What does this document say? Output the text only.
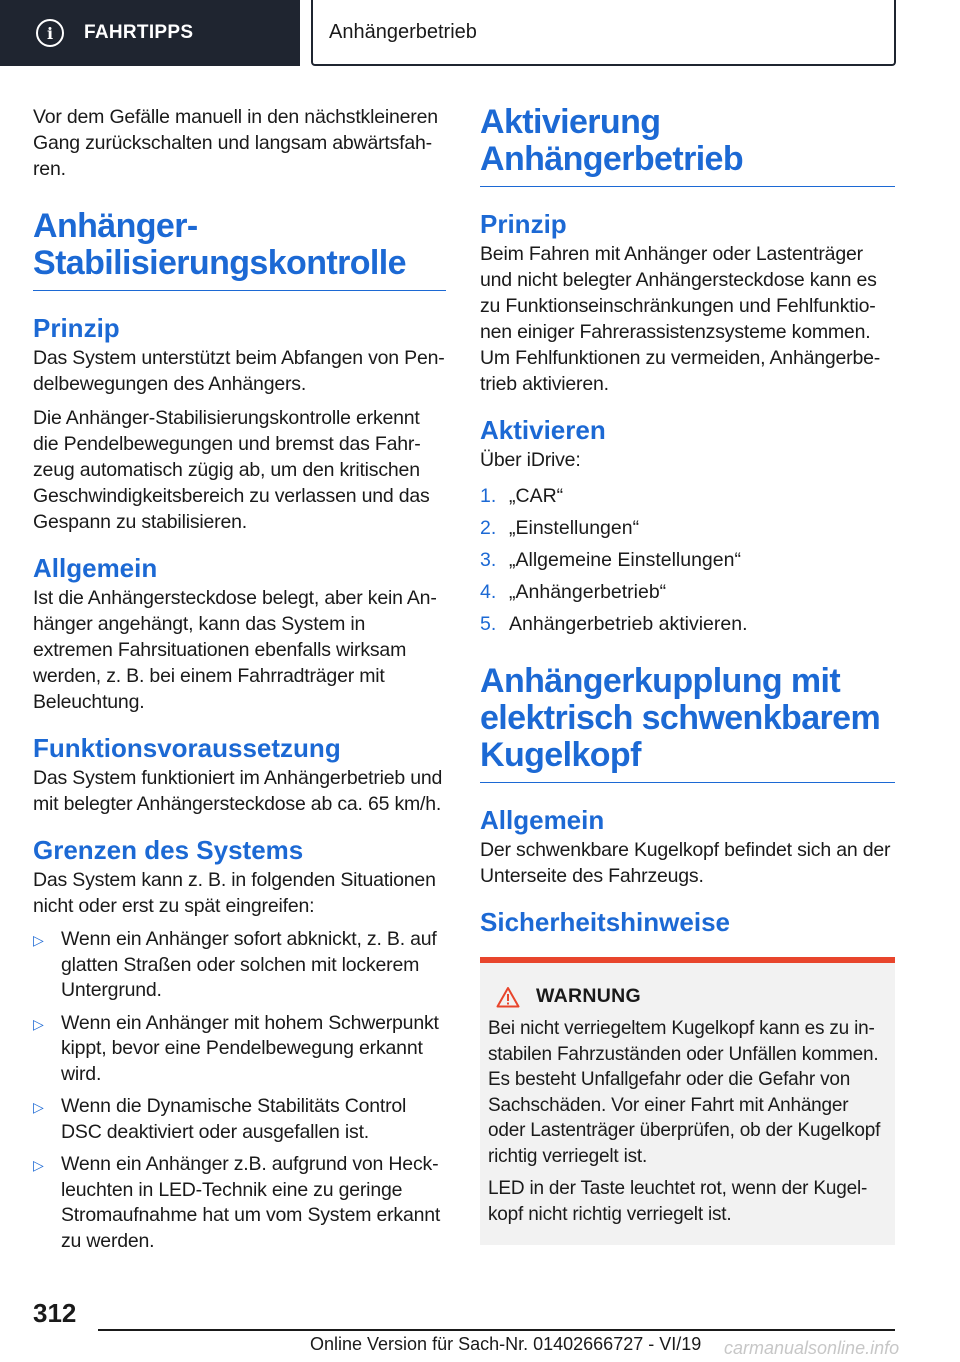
i	FAHRTIPPS	Anhängerbetrieb

Vor dem Gefälle manuell in den nächstkleineren Gang zurückschalten und langsam abwärtsfahren.

Anhänger-Stabilisierungskontrolle
Prinzip

Das System unterstützt beim Abfangen von Pendelbewegungen des Anhängers.

Die Anhänger-Stabilisierungskontrolle erkennt die Pendelbewegungen und bremst das Fahrzeug automatisch zügig ab, um den kritischen Geschwindigkeitsbereich zu verlassen und das Gespann zu stabilisieren.

Allgemein

Ist die Anhängersteckdose belegt, aber kein Anhänger angehängt, kann das System in extremen Fahrsituationen ebenfalls wirksam werden, z. B. bei einem Fahrradträger mit Beleuchtung.

Funktionsvoraussetzung

Das System funktioniert im Anhängerbetrieb und mit belegter Anhängersteckdose ab ca. 65 km/h.

Grenzen des Systems

Das System kann z. B. in folgenden Situationen nicht oder erst zu spät eingreifen:

▷ Wenn ein Anhänger sofort abknickt, z. B. auf glatten Straßen oder solchen mit lockerem Untergrund.
▷ Wenn ein Anhänger mit hohem Schwerpunkt kippt, bevor eine Pendelbewegung erkannt wird.
▷ Wenn die Dynamische Stabilitäts Control DSC deaktiviert oder ausgefallen ist.
▷ Wenn ein Anhänger z.B. aufgrund von Heckleuchten in LED-Technik eine zu geringe Stromaufnahme hat um vom System erkannt zu werden.
Aktivierung Anhängerbetrieb
Prinzip

Beim Fahren mit Anhänger oder Lastenträger und nicht belegter Anhängersteckdose kann es zu Funktionseinschränkungen und Fehlfunktionen einiger Fahrerassistenzsysteme kommen. Um Fehlfunktionen zu vermeiden, Anhängerbetrieb aktivieren.

Aktivieren

Über iDrive:

1. „CAR“
2. „Einstellungen“
3. „Allgemeine Einstellungen“
4. „Anhängerbetrieb“
5. Anhängerbetrieb aktivieren.
Anhängerkupplung mit elektrisch schwenkbarem Kugelkopf
Allgemein

Der schwenkbare Kugelkopf befindet sich an der Unterseite des Fahrzeugs.

Sicherheitshinweise
WARNUNG

Bei nicht verriegeltem Kugelkopf kann es zu instabilen Fahrzuständen oder Unfällen kommen. Es besteht Unfallgefahr oder die Gefahr von Sachschäden. Vor einer Fahrt mit Anhänger oder Lastenträger überprüfen, ob der Kugelkopf richtig verriegelt ist.

LED in der Taste leuchtet rot, wenn der Kugelkopf nicht richtig verriegelt ist.

312
Online Version für Sach-Nr. 01402666727 - VI/19 carmanualsonline.info
